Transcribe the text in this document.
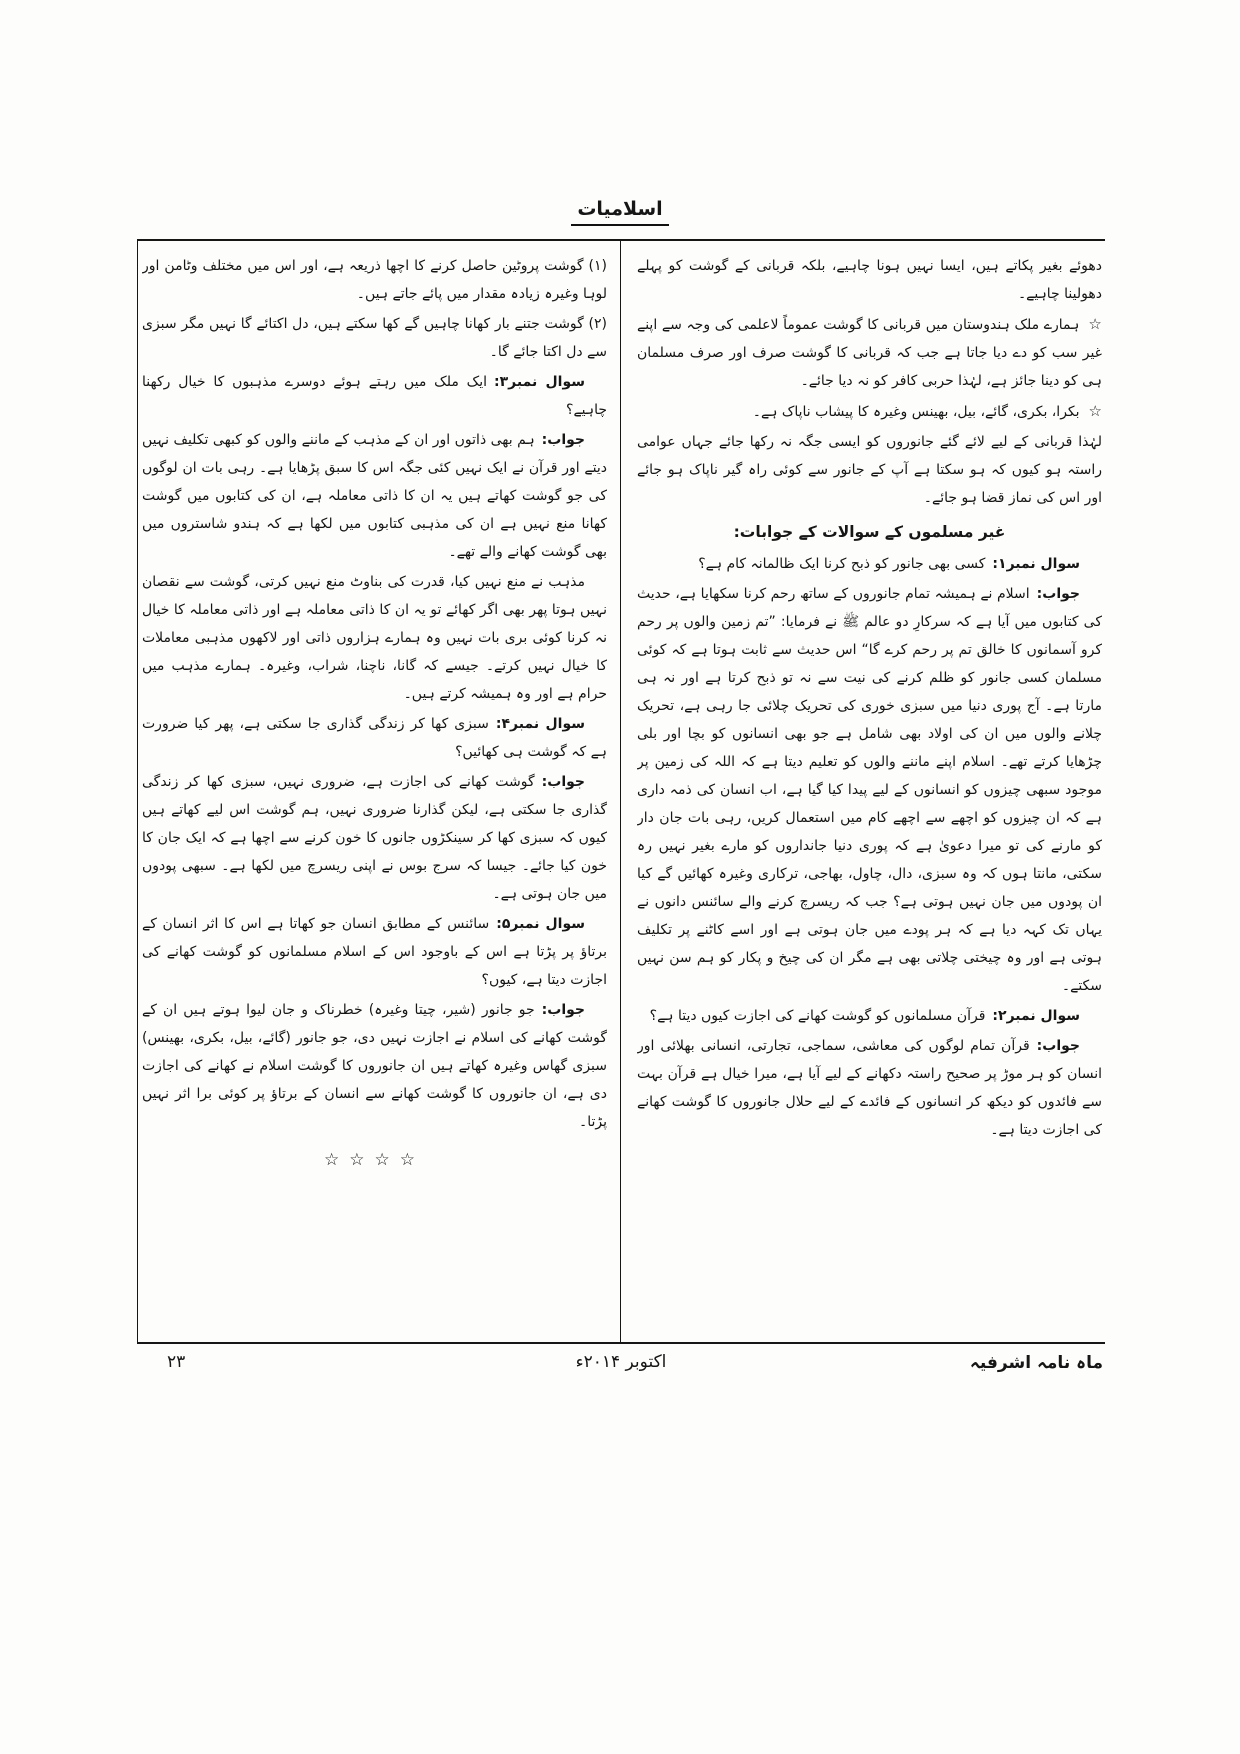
اسلامیات

دھوئے بغیر پکاتے ہیں، ایسا نہیں ہونا چاہیے، بلکہ قربانی کے گوشت کو پہلے دھولینا چاہیے۔

☆ہمارے ملک ہندوستان میں قربانی کا گوشت عموماً لاعلمی کی وجہ سے اپنے غیر سب کو دے دیا جاتا ہے جب کہ قربانی کا گوشت صرف اور صرف مسلمان ہی کو دینا جائز ہے، لہٰذا حربی کافر کو نہ دیا جائے۔

☆بکرا، بکری، گائے، بیل، بھینس وغیرہ کا پیشاب ناپاک ہے۔

لہٰذا قربانی کے لیے لائے گئے جانوروں کو ایسی جگہ نہ رکھا جائے جہاں عوامی راستہ ہو کیوں کہ ہو سکتا ہے آپ کے جانور سے کوئی راہ گیر ناپاک ہو جائے اور اس کی نماز قضا ہو جائے۔

غیر مسلموں کے سوالات کے جوابات:

سوال نمبر۱:کسی بھی جانور کو ذبح کرنا ایک ظالمانہ کام ہے؟

جواب:اسلام نے ہمیشہ تمام جانوروں کے ساتھ رحم کرنا سکھایا ہے، حدیث کی کتابوں میں آیا ہے کہ سرکارِ دو عالم ﷺ نے فرمایا: ”تم زمین والوں پر رحم کرو آسمانوں کا خالق تم پر رحم کرے گا“ اس حدیث سے ثابت ہوتا ہے کہ کوئی مسلمان کسی جانور کو ظلم کرنے کی نیت سے نہ تو ذبح کرتا ہے اور نہ ہی مارتا ہے۔ آج پوری دنیا میں سبزی خوری کی تحریک چلائی جا رہی ہے، تحریک چلانے والوں میں ان کی اولاد بھی شامل ہے جو بھی انسانوں کو بچا اور بلی چڑھایا کرتے تھے۔ اسلام اپنے ماننے والوں کو تعلیم دیتا ہے کہ اللہ کی زمین پر موجود سبھی چیزوں کو انسانوں کے لیے پیدا کیا گیا ہے، اب انسان کی ذمہ داری ہے کہ ان چیزوں کو اچھے سے اچھے کام میں استعمال کریں، رہی بات جان دار کو مارنے کی تو میرا دعویٰ ہے کہ پوری دنیا جانداروں کو مارے بغیر نہیں رہ سکتی، مانتا ہوں کہ وہ سبزی، دال، چاول، بھاجی، ترکاری وغیرہ کھائیں گے کیا ان پودوں میں جان نہیں ہوتی ہے؟ جب کہ ریسرچ کرنے والے سائنس دانوں نے یہاں تک کہہ دیا ہے کہ ہر پودے میں جان ہوتی ہے اور اسے کاٹنے پر تکلیف ہوتی ہے اور وہ چیختی چلاتی بھی ہے مگر ان کی چیخ و پکار کو ہم سن نہیں سکتے۔

سوال نمبر۲:قرآن مسلمانوں کو گوشت کھانے کی اجازت کیوں دیتا ہے؟

جواب:قرآن تمام لوگوں کی معاشی، سماجی، تجارتی، انسانی بھلائی اور انسان کو ہر موڑ پر صحیح راستہ دکھانے کے لیے آیا ہے، میرا خیال ہے قرآن بہت سے فائدوں کو دیکھ کر انسانوں کے فائدے کے لیے حلال جانوروں کا گوشت کھانے کی اجازت دیتا ہے۔

(۱) گوشت پروٹین حاصل کرنے کا اچھا ذریعہ ہے، اور اس میں مختلف وٹامن اور لوہا وغیرہ زیادہ مقدار میں پائے جاتے ہیں۔

(۲) گوشت جتنے بار کھانا چاہیں گے کھا سکتے ہیں، دل اکتائے گا نہیں مگر سبزی سے دل اکتا جائے گا۔

سوال نمبر۳:ایک ملک میں رہتے ہوئے دوسرے مذہبوں کا خیال رکھنا چاہیے؟

جواب:ہم بھی ذاتوں اور ان کے مذہب کے ماننے والوں کو کبھی تکلیف نہیں دیتے اور قرآن نے ایک نہیں کئی جگہ اس کا سبق پڑھایا ہے۔ رہی بات ان لوگوں کی جو گوشت کھاتے ہیں یہ ان کا ذاتی معاملہ ہے، ان کی کتابوں میں گوشت کھانا منع نہیں ہے ان کی مذہبی کتابوں میں لکھا ہے کہ ہندو شاستروں میں بھی گوشت کھانے والے تھے۔

مذہب نے منع نہیں کیا، قدرت کی بناوٹ منع نہیں کرتی، گوشت سے نقصان نہیں ہوتا پھر بھی اگر کھائے تو یہ ان کا ذاتی معاملہ ہے اور ذاتی معاملہ کا خیال نہ کرنا کوئی بری بات نہیں وہ ہمارے ہزاروں ذاتی اور لاکھوں مذہبی معاملات کا خیال نہیں کرتے۔ جیسے کہ گانا، ناچنا، شراب، وغیرہ۔ ہمارے مذہب میں حرام ہے اور وہ ہمیشہ کرتے ہیں۔

سوال نمبر۴:سبزی کھا کر زندگی گذاری جا سکتی ہے، پھر کیا ضرورت ہے کہ گوشت ہی کھائیں؟

جواب:گوشت کھانے کی اجازت ہے، ضروری نہیں، سبزی کھا کر زندگی گذاری جا سکتی ہے، لیکن گذارنا ضروری نہیں، ہم گوشت اس لیے کھاتے ہیں کیوں کہ سبزی کھا کر سینکڑوں جانوں کا خون کرنے سے اچھا ہے کہ ایک جان کا خون کیا جائے۔ جیسا کہ سرج بوس نے اپنی ریسرچ میں لکھا ہے۔ سبھی پودوں میں جان ہوتی ہے۔

سوال نمبر۵:سائنس کے مطابق انسان جو کھاتا ہے اس کا اثر انسان کے برتاؤ پر پڑتا ہے اس کے باوجود اس کے اسلام مسلمانوں کو گوشت کھانے کی اجازت دیتا ہے، کیوں؟

جواب:جو جانور (شیر، چیتا وغیرہ) خطرناک و جان لیوا ہوتے ہیں ان کے گوشت کھانے کی اسلام نے اجازت نہیں دی، جو جانور (گائے، بیل، بکری، بھینس) سبزی گھاس وغیرہ کھاتے ہیں ان جانوروں کا گوشت اسلام نے کھانے کی اجازت دی ہے، ان جانوروں کا گوشت کھانے سے انسان کے برتاؤ پر کوئی برا اثر نہیں پڑتا۔

☆☆☆☆

ماہ نامہ اشرفیہ
اکتوبر ۲۰۱۴ء
۲۳
